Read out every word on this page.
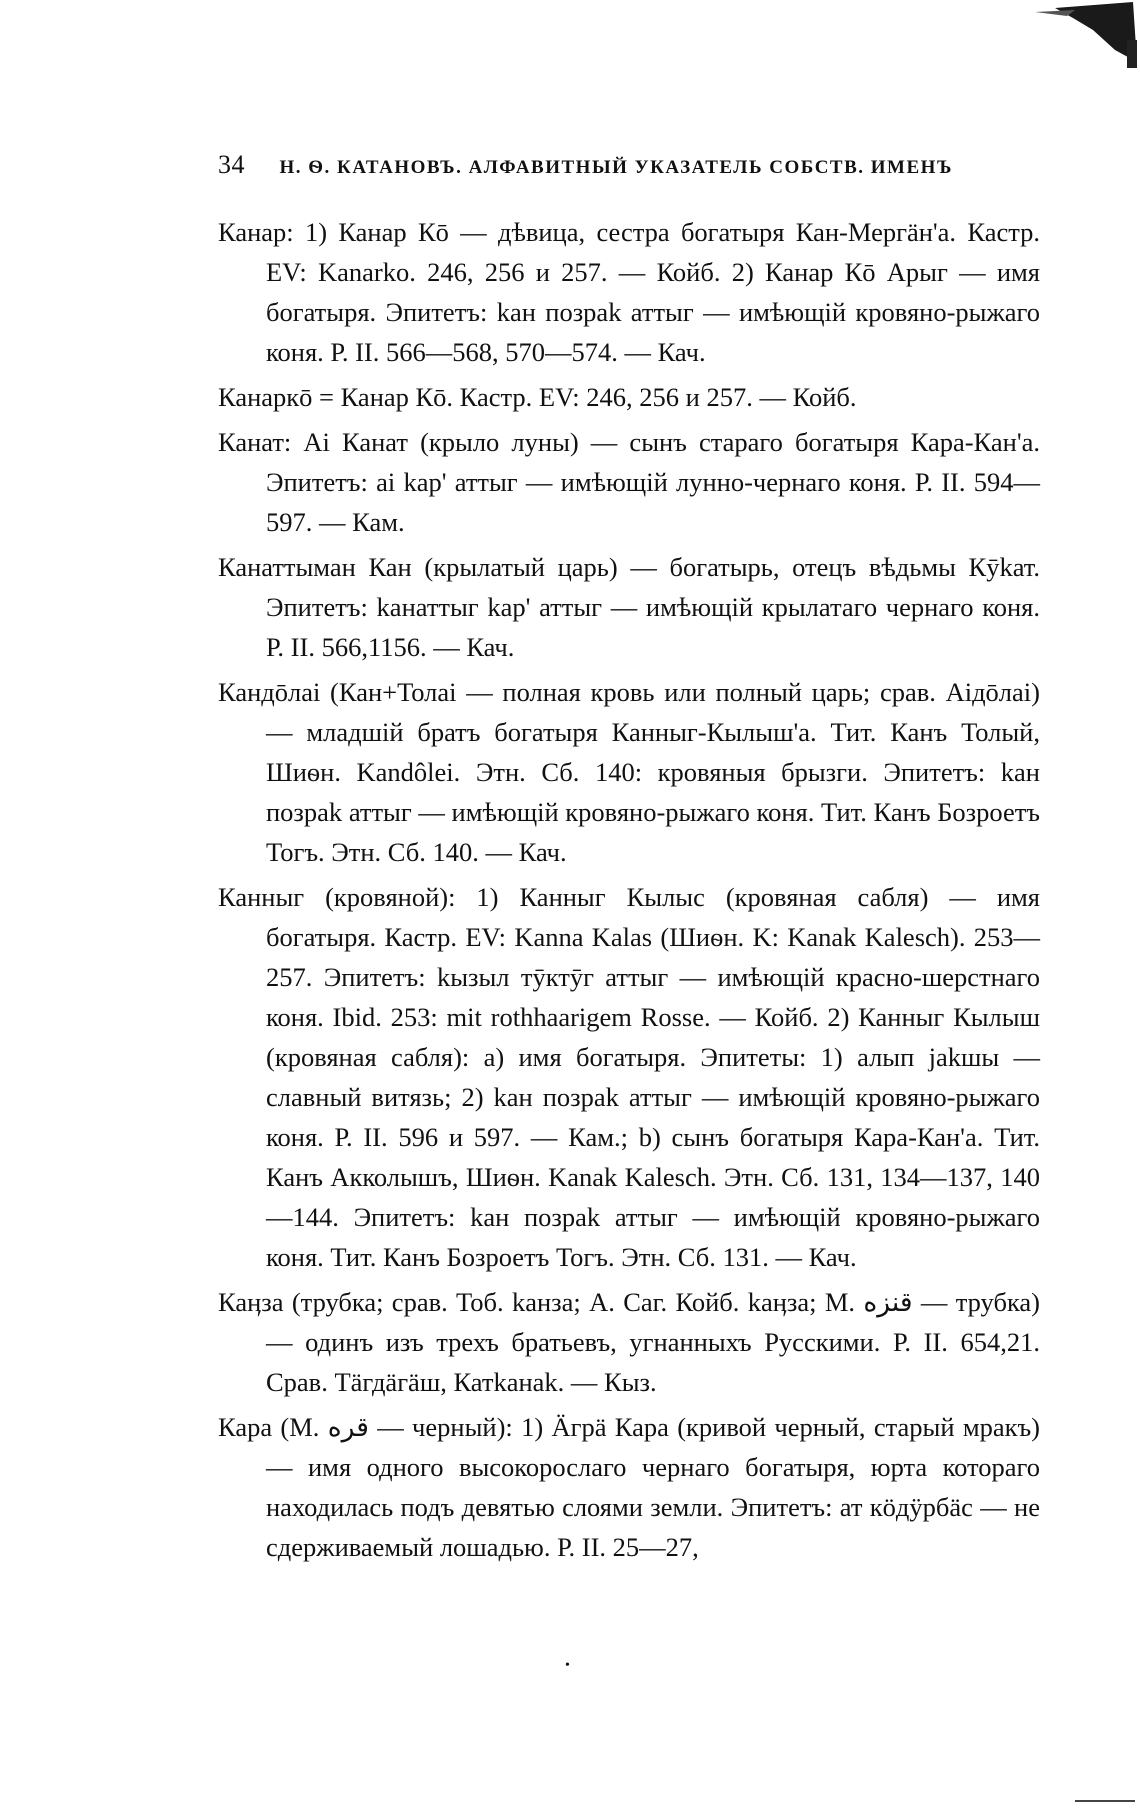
34 Н. Ѳ. КАТАНОВЪ. АЛФАВИТНЫЙ УКАЗАТЕЛЬ СОБСТВ. ИМЕНЪ

Канар: 1) Канар Кō — дѣвица, сестра богатыря Кан-Мергӓн'а. Кастр. EV: Kanarko. 246, 256 и 257. — Койб. 2) Канар Кō Арыг — имя богатыря. Эпитетъ: kан позраk аттыг — имѣющій кровяно-рыжаго коня. Р. II. 566—568, 570—574. — Кач.

Канаркō = Канар Кō. Кастр. EV: 246, 256 и 257. — Койб.

Канат: Аі Канат (крыло луны) — сынъ стараго богатыря Кара-Кан'а. Эпитетъ: аі kар' аттыг — имѣющій лунно-чернаго коня. Р. II. 594—597. — Кам.

Канаттыман Кан (крылатый царь) — богатырь, отецъ вѣдьмы Кӯkат. Эпитетъ: kанаттыг kар' аттыг — имѣющій крылатаго чернаго коня. Р. II. 566,1156. — Кач.

Кандōлаі (Кан+Толаі — полная кровь или полный царь; срав. Аідōлаі) — младшій братъ богатыря Канныг-Кылыш'а. Тит. Канъ Толый, Шиѳн. Kandôlei. Этн. Сб. 140: кровяныя брызги. Эпитетъ: kан позраk аттыг — имѣющій кровяно-рыжаго коня. Тит. Канъ Бозроетъ Тогъ. Этн. Сб. 140. — Кач.

Канныг (кровяной): 1) Канныг Кылыс (кровяная сабля) — имя богатыря. Кастр. EV: Kanna Kalas (Шиѳн. K: Kanak Kalesch). 253—257. Эпитетъ: kызыл тӯктӯг аттыг — имѣющій красно-шерстнаго коня. Ibid. 253: mit rothhaarigem Rosse. — Койб. 2) Канныг Кылыш (кровяная сабля): а) имя богатыря. Эпитеты: 1) алып jаkшы — славный витязь; 2) kан позраk аттыг — имѣющій кровяно-рыжаго коня. Р. II. 596 и 597. — Кам.; b) сынъ богатыря Кара-Кан'а. Тит. Канъ Акколышъ, Шиѳн. Kanak Kalesch. Этн. Сб. 131, 134—137, 140—144. Эпитетъ: kан позраk аттыг — имѣющій кровяно-рыжаго коня. Тит. Канъ Бозроетъ Тогъ. Этн. Сб. 131. — Кач.

Каӊза (трубка; срав. Тоб. kанза; А. Саг. Койб. kаӊза; М. قنزه — трубка) — одинъ изъ трехъ братьевъ, угнанныхъ Русскими. Р. II. 654,21. Срав. Тӓгдӓгӓш, Катkанаk. — Кыз.

Кара (М. قره — черный): 1) Ӓгрӓ Кара (кривой черный, старый мракъ) — имя одного высокорослаго чернаго богатыря, юрта котораго находилась подъ девятью слоями земли. Эпитетъ: ат кӧдӱрбӓс — не сдерживаемый лошадью. Р. II. 25—27,

•
